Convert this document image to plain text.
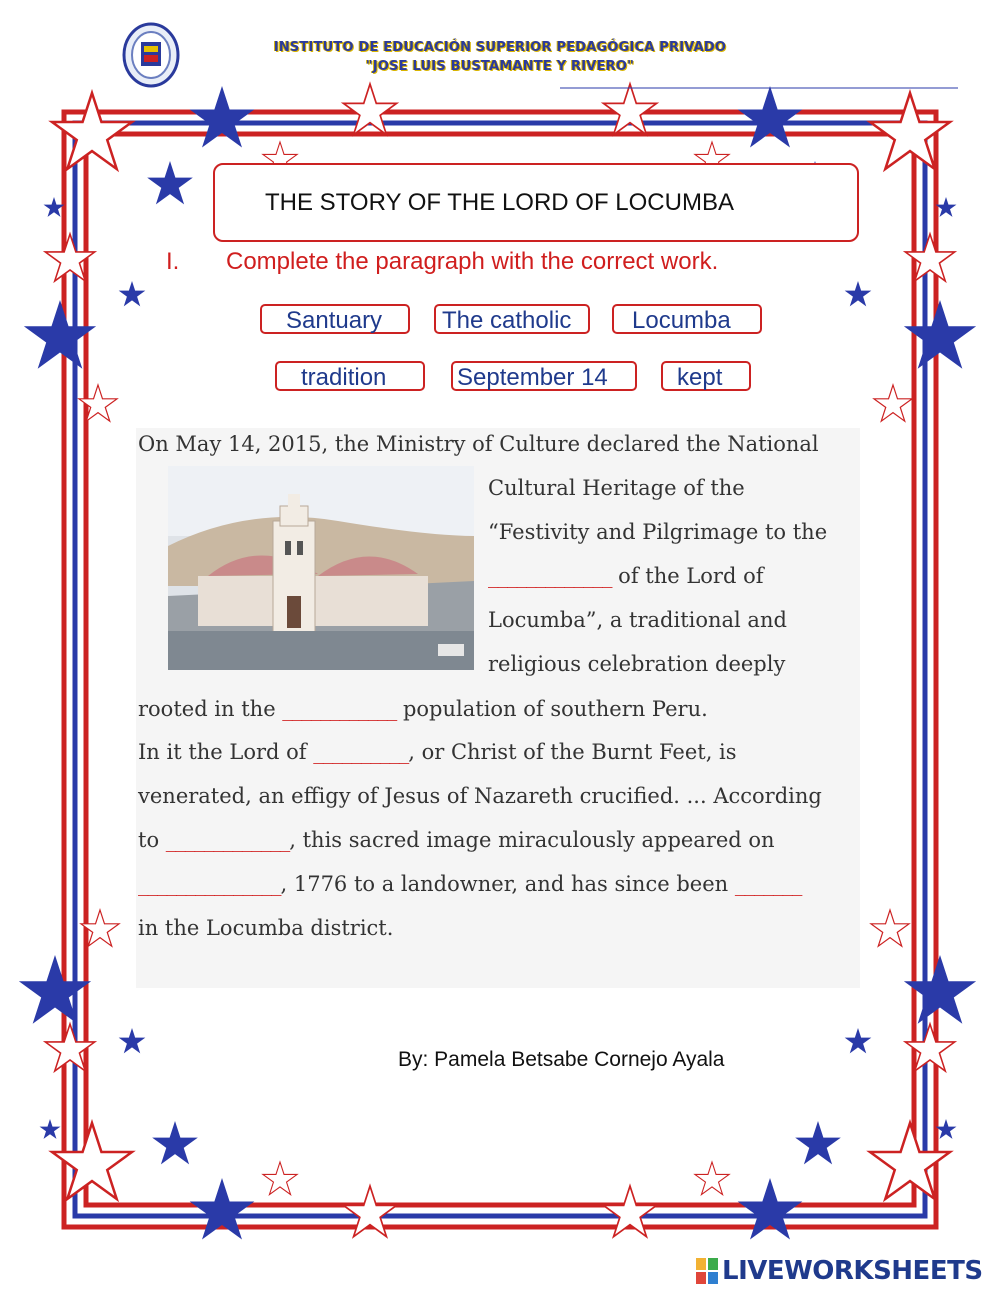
INSTITUTO DE EDUCACIÓN SUPERIOR PEDAGÓGICA PRIVADO
"JOSE LUIS BUSTAMANTE Y RIVERO"
THE STORY OF THE LORD OF LOCUMBA
I. Complete the paragraph with the correct work.
Santuary	The catholic	Locumba
tradition	September 14	kept
On May 14, 2015, the Ministry of Culture declared the National
Cultural Heritage of the
“Festivity and Pilgrimage to the
_____________ of the Lord of
Locumba”, a traditional and
religious celebration deeply
rooted in the ____________ population of southern Peru.
In it the Lord of __________, or Christ of the Burnt Feet, is
venerated, an effigy of Jesus of Nazareth crucified. ... According
to _____________, this sacred image miraculously appeared on
_______________, 1776 to a landowner, and has since been _______
in the Locumba district.
By: Pamela Betsabe Cornejo Ayala
LIVEWORKSHEETS
